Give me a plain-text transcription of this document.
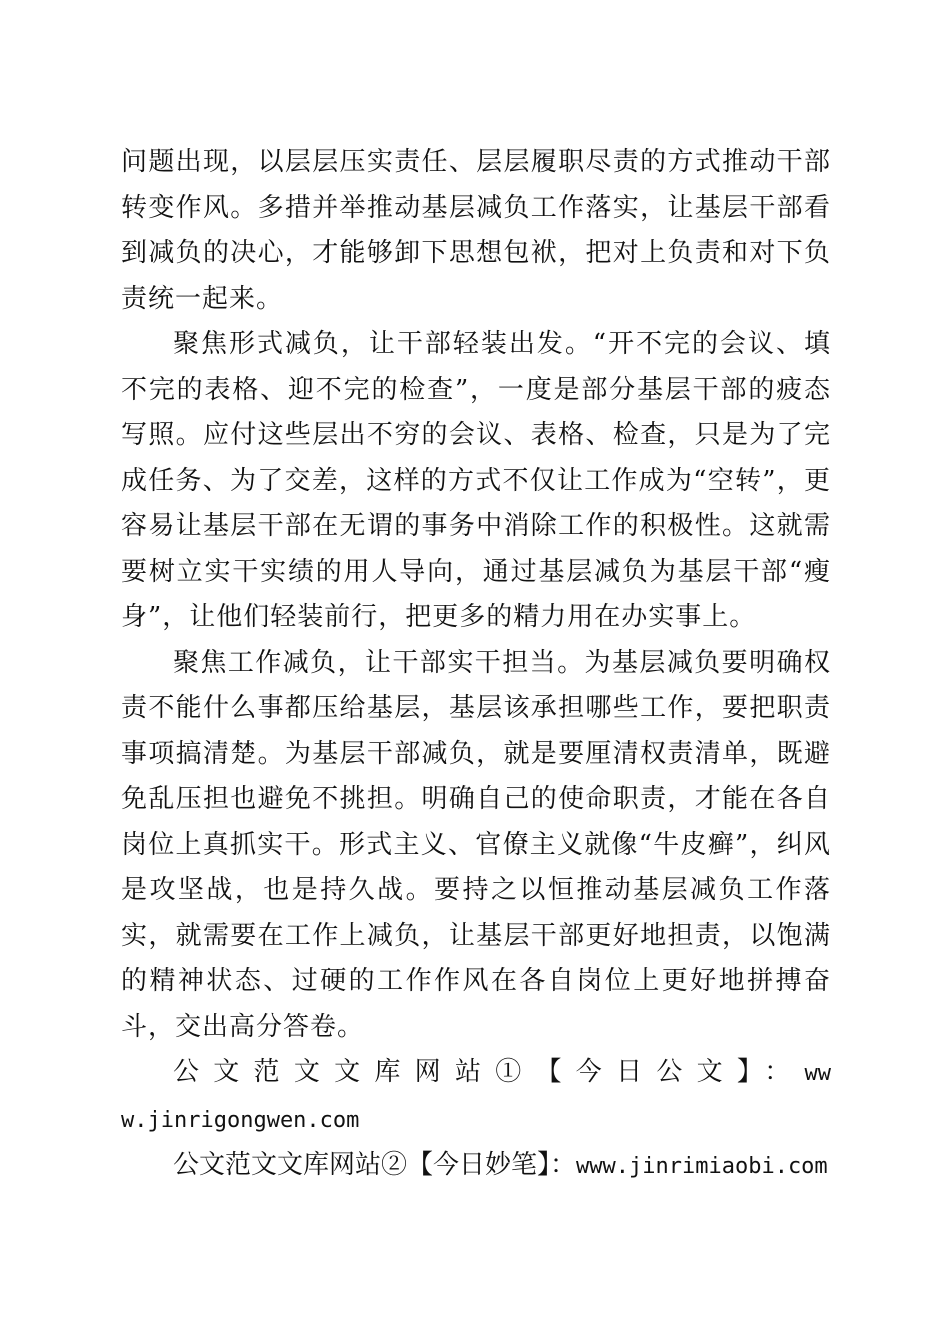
问题出现，以层层压实责任、层层履职尽责的方式推动干部转变作风。多措并举推动基层减负工作落实，让基层干部看到减负的决心，才能够卸下思想包袱，把对上负责和对下负责统一起来。

聚焦形式减负，让干部轻装出发。“开不完的会议、填不完的表格、迎不完的检查”，一度是部分基层干部的疲态写照。应付这些层出不穷的会议、表格、检查，只是为了完成任务、为了交差，这样的方式不仅让工作成为“空转”，更容易让基层干部在无谓的事务中消除工作的积极性。这就需要树立实干实绩的用人导向，通过基层减负为基层干部“瘦身”，让他们轻装前行，把更多的精力用在办实事上。

聚焦工作减负，让干部实干担当。为基层减负要明确权责不能什么事都压给基层，基层该承担哪些工作，要把职责事项搞清楚。为基层干部减负，就是要厘清权责清单，既避免乱压担也避免不挑担。明确自己的使命职责，才能在各自岗位上真抓实干。形式主义、官僚主义就像“牛皮癣”，纠风是攻坚战，也是持久战。要持之以恒推动基层减负工作落实，就需要在工作上减负，让基层干部更好地担责，以饱满的精神状态、过硬的工作作风在各自岗位上更好地拼搏奋斗，交出高分答卷。

公文范文文库网站①【今日公文】：www.jinrigongwen.com

公文范文文库网站②【今日妙笔】：www.jinrimiaobi.com
